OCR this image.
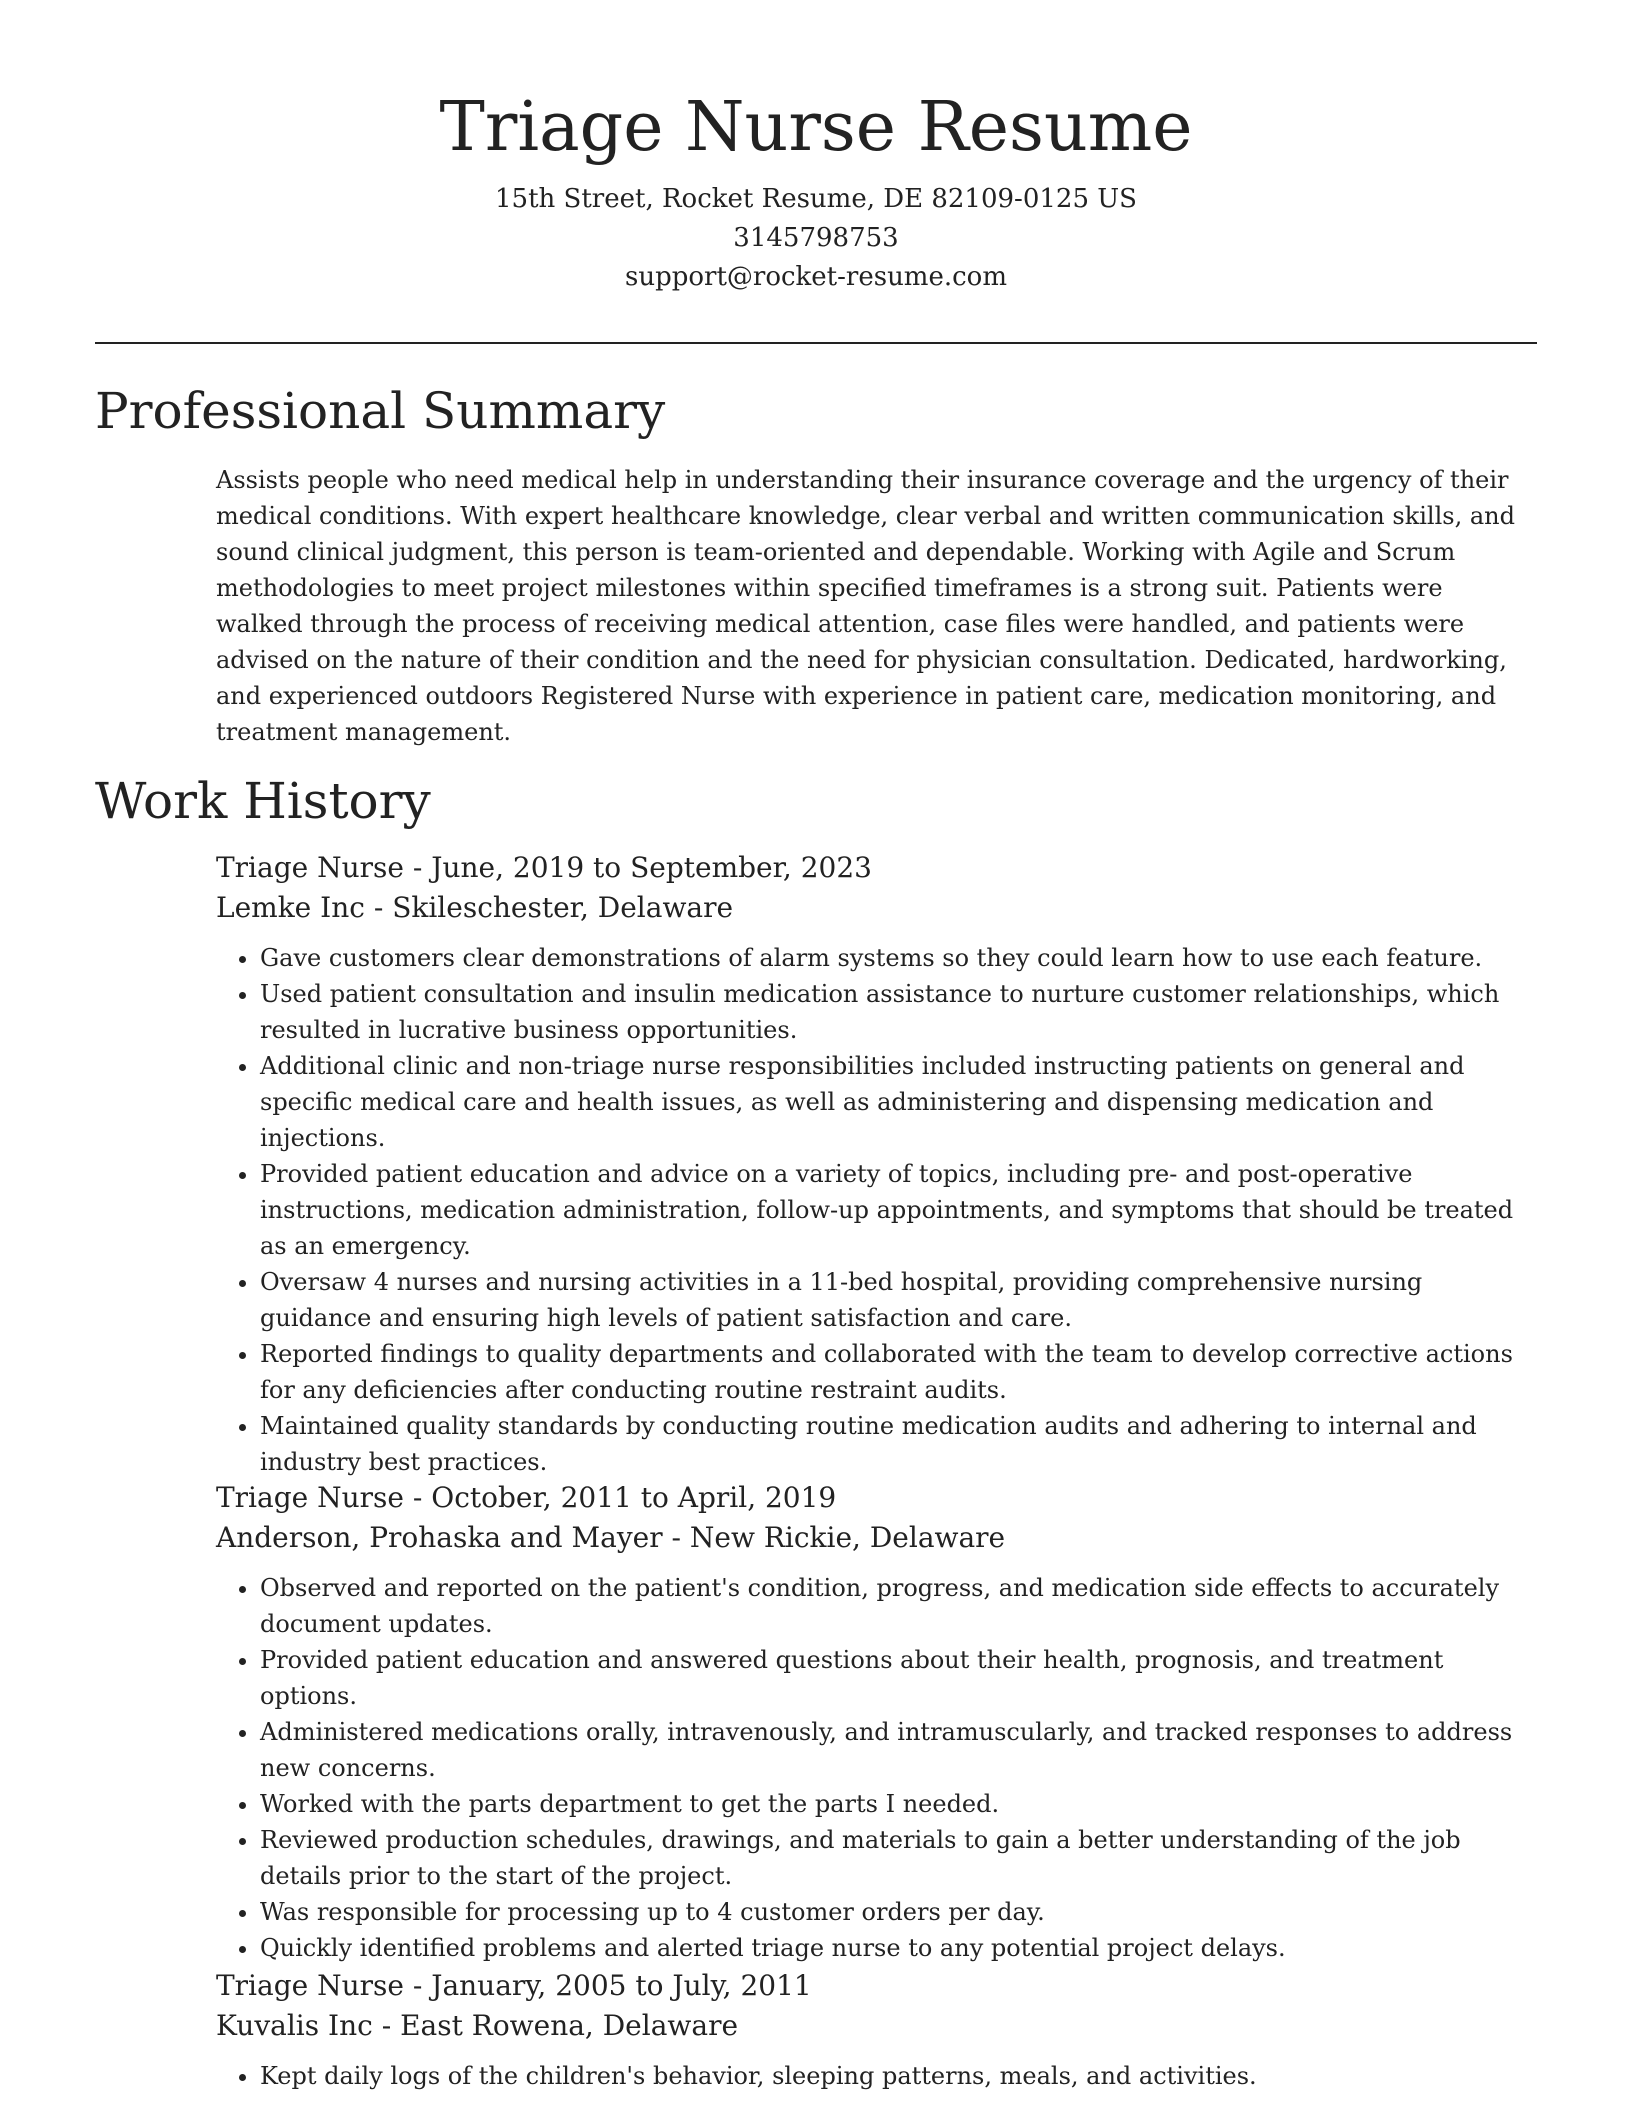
Triage Nurse Resume
15th Street, Rocket Resume, DE 82109-0125 US
3145798753
support@rocket-resume.com
Professional Summary
Assists people who need medical help in understanding their insurance coverage and the urgency of their medical conditions. With expert healthcare knowledge, clear verbal and written communication skills, and sound clinical judgment, this person is team-oriented and dependable. Working with Agile and Scrum methodologies to meet project milestones within specified timeframes is a strong suit. Patients were walked through the process of receiving medical attention, case files were handled, and patients were advised on the nature of their condition and the need for physician consultation. Dedicated, hardworking, and experienced outdoors Registered Nurse with experience in patient care, medication monitoring, and treatment management.
Work History
Triage Nurse - June, 2019 to September, 2023
Lemke Inc - Skileschester, Delaware
• Gave customers clear demonstrations of alarm systems so they could learn how to use each feature.
• Used patient consultation and insulin medication assistance to nurture customer relationships, which resulted in lucrative business opportunities.
• Additional clinic and non-triage nurse responsibilities included instructing patients on general and specific medical care and health issues, as well as administering and dispensing medication and injections.
• Provided patient education and advice on a variety of topics, including pre- and post-operative instructions, medication administration, follow-up appointments, and symptoms that should be treated as an emergency.
• Oversaw 4 nurses and nursing activities in a 11-bed hospital, providing comprehensive nursing guidance and ensuring high levels of patient satisfaction and care.
• Reported findings to quality departments and collaborated with the team to develop corrective actions for any deficiencies after conducting routine restraint audits.
• Maintained quality standards by conducting routine medication audits and adhering to internal and industry best practices.
Triage Nurse - October, 2011 to April, 2019
Anderson, Prohaska and Mayer - New Rickie, Delaware
• Observed and reported on the patient's condition, progress, and medication side effects to accurately document updates.
• Provided patient education and answered questions about their health, prognosis, and treatment options.
• Administered medications orally, intravenously, and intramuscularly, and tracked responses to address new concerns.
• Worked with the parts department to get the parts I needed.
• Reviewed production schedules, drawings, and materials to gain a better understanding of the job details prior to the start of the project.
• Was responsible for processing up to 4 customer orders per day.
• Quickly identified problems and alerted triage nurse to any potential project delays.
Triage Nurse - January, 2005 to July, 2011
Kuvalis Inc - East Rowena, Delaware
• Kept daily logs of the children's behavior, sleeping patterns, meals, and activities.
